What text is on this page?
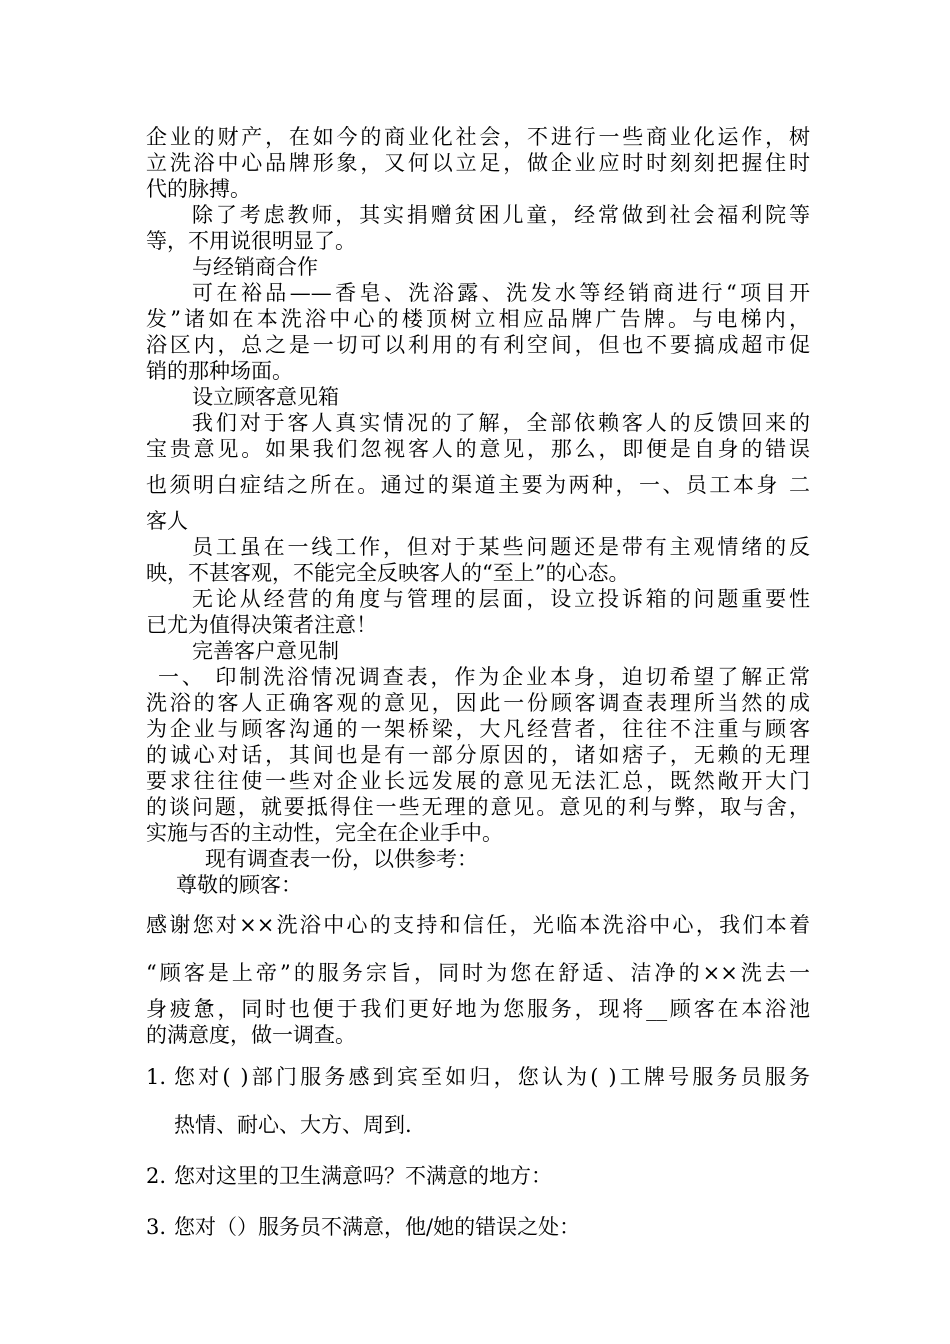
企业的财产，在如今的商业化社会，不进行一些商业化运作，树
立洗浴中心品牌形象，又何以立足，做企业应时时刻刻把握住时
代的脉搏。
除了考虑教师，其实捐赠贫困儿童，经常做到社会福利院等
等，不用说很明显了。
与经销商合作
可在裕品——香皂、洗浴露、洗发水等经销商进行“项目开
发”诸如在本洗浴中心的楼顶树立相应品牌广告牌。与电梯内，
浴区内，总之是一切可以利用的有利空间，但也不要搞成超市促
销的那种场面。
设立顾客意见箱
我们对于客人真实情况的了解，全部依赖客人的反馈回来的
宝贵意见。如果我们忽视客人的意见，那么，即便是自身的错误
也须明白症结之所在。通过的渠道主要为两种，一、员工本身 二
客人
员工虽在一线工作，但对于某些问题还是带有主观情绪的反
映，不甚客观，不能完全反映客人的“至上”的心态。
无论从经营的角度与管理的层面，设立投诉箱的问题重要性
已尤为值得决策者注意！
完善客户意见制
一、 印制洗浴情况调查表，作为企业本身，迫切希望了解正常
洗浴的客人正确客观的意见，因此一份顾客调查表理所当然的成
为企业与顾客沟通的一架桥梁，大凡经营者，往往不注重与顾客
的诚心对话，其间也是有一部分原因的，诸如痞子，无赖的无理
要求往往使一些对企业长远发展的意见无法汇总，既然敞开大门
的谈问题，就要抵得住一些无理的意见。意见的利与弊，取与舍，
实施与否的主动性，完全在企业手中。
现有调查表一份，以供参考：
尊敬的顾客：
感谢您对××洗浴中心的支持和信任，光临本洗浴中心，我们本着
“顾客是上帝”的服务宗旨，同时为您在舒适、洁净的××洗去一
身疲惫，同时也便于我们更好地为您服务，现将__顾客在本浴池
的满意度，做一调查。
1. 您对( )部门服务感到宾至如归，您认为( )工牌号服务员服务
热情、耐心、大方、周到.
2. 您对这里的卫生满意吗？不满意的地方：
3. 您对（）服务员不满意，他/她的错误之处：
